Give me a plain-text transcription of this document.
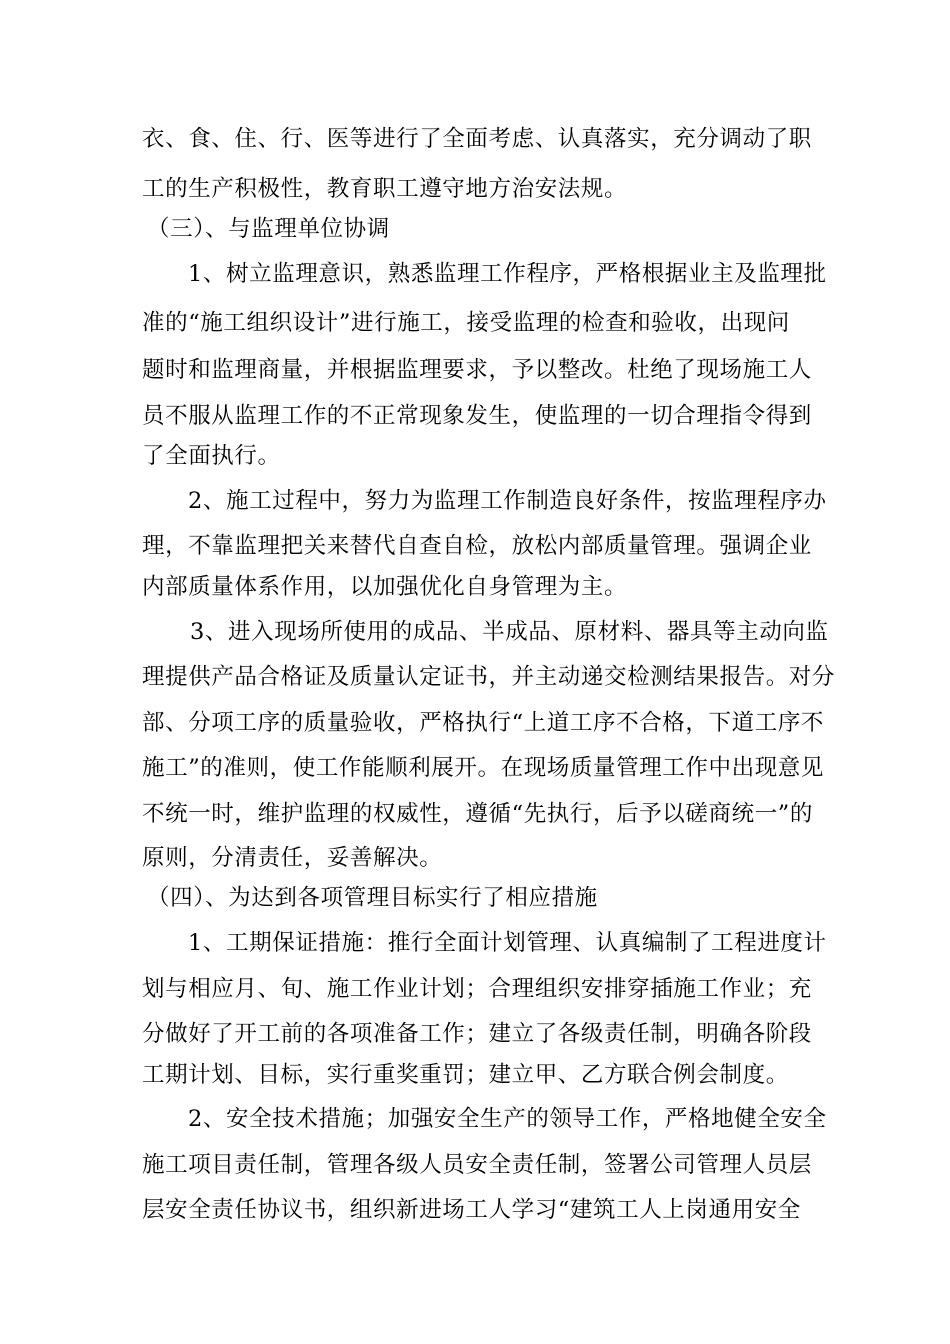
衣、食、住、行、医等进行了全面考虑、认真落实，充分调动了职
工的生产积极性，教育职工遵守地方治安法规。
（三）、与监理单位协调
1、树立监理意识，熟悉监理工作程序，严格根据业主及监理批
准的“施工组织设计”进行施工，接受监理的检查和验收，出现问
题时和监理商量，并根据监理要求，予以整改。杜绝了现场施工人
员不服从监理工作的不正常现象发生，使监理的一切合理指令得到
了全面执行。
2、施工过程中，努力为监理工作制造良好条件，按监理程序办
理，不靠监理把关来替代自查自检，放松内部质量管理。强调企业
内部质量体系作用，以加强优化自身管理为主。
3、进入现场所使用的成品、半成品、原材料、器具等主动向监
理提供产品合格证及质量认定证书，并主动递交检测结果报告。对分
部、分项工序的质量验收，严格执行“上道工序不合格，下道工序不
施工”的准则，使工作能顺利展开。在现场质量管理工作中出现意见
不统一时，维护监理的权威性，遵循“先执行，后予以磋商统一”的
原则，分清责任，妥善解决。
（四）、为达到各项管理目标实行了相应措施
1、工期保证措施：推行全面计划管理、认真编制了工程进度计
划与相应月、旬、施工作业计划；合理组织安排穿插施工作业；充
分做好了开工前的各项准备工作；建立了各级责任制，明确各阶段
工期计划、目标，实行重奖重罚；建立甲、乙方联合例会制度。
2、安全技术措施；加强安全生产的领导工作，严格地健全安全
施工项目责任制，管理各级人员安全责任制，签署公司管理人员层
层安全责任协议书，组织新进场工人学习“建筑工人上岗通用安全
